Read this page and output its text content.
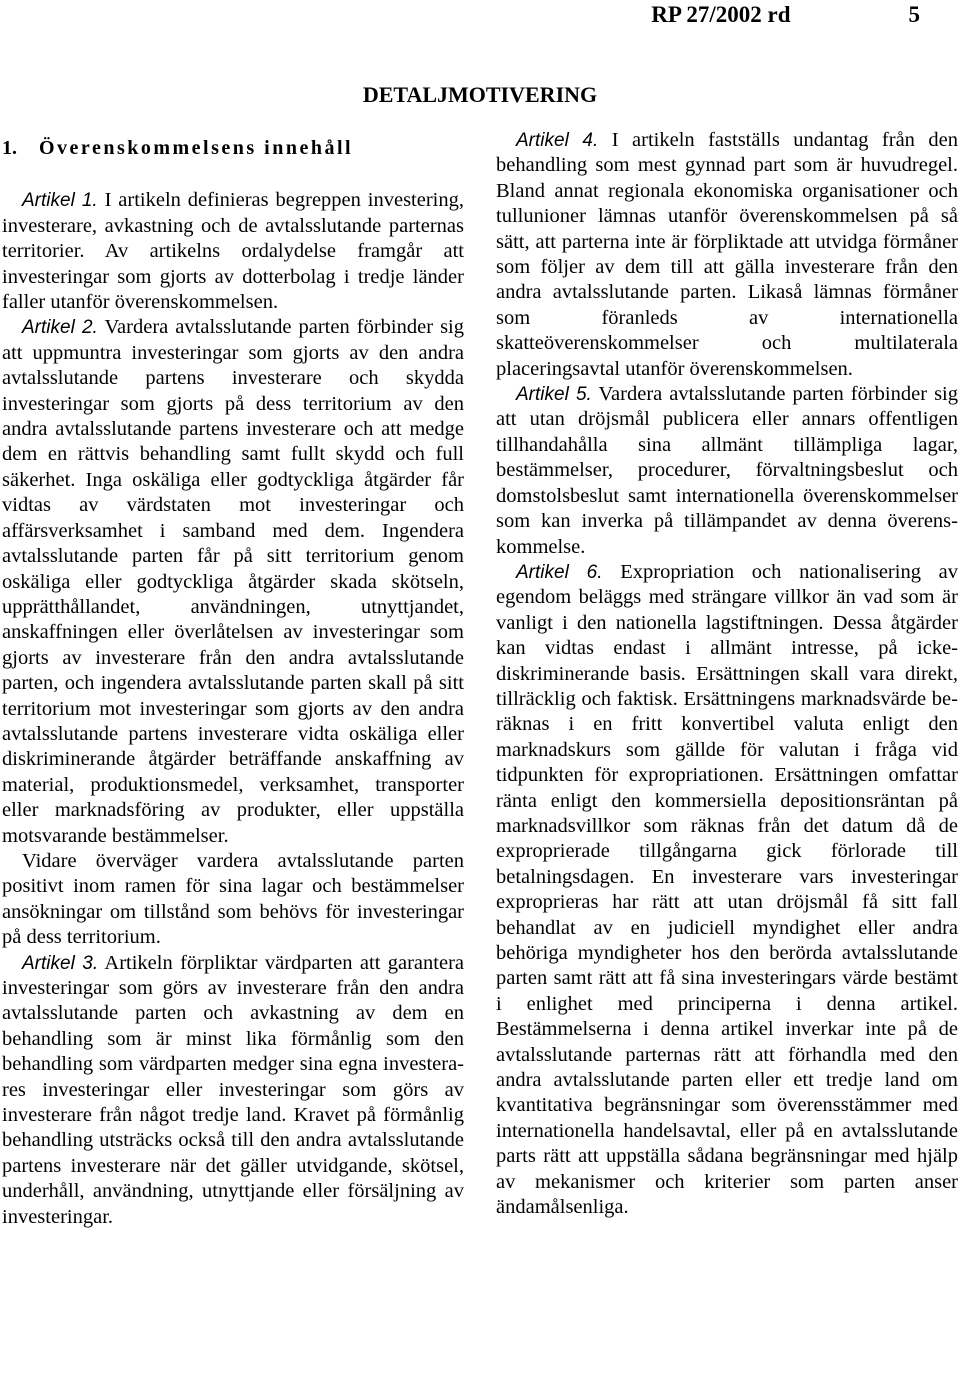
RP 27/2002 rd	5
DETALJMOTIVERING
1. Överenskommelsens innehåll

Artikel 1. I artikeln definieras begreppen investering, investerare, avkastning och de avtalsslutande parternas territorier. Av artikelns ordalydelse framgår att investeringar som gjorts av dotterbolag i tredje länder faller utanför överenskommelsen.

Artikel 2. Vardera avtalsslutande parten förbinder sig att uppmuntra investeringar som gjorts av den andra avtalsslutande partens investerare och skydda investeringar som gjorts på dess territorium av den andra avtalsslutande partens investerare och att medge dem en rättvis behandling samt fullt skydd och full säkerhet. Inga oskäliga eller godtyckliga åtgärder får vidtas av värdstaten mot investeringar och affärsverksamhet i samband med dem. Ingendera avtalsslutande parten får på sitt territorium genom oskäliga eller godtyckliga åtgärder skada skötseln, upprätthållandet, användningen, utnyttjandet, anskaffningen eller överlåtelsen av investeringar som gjorts av investerare från den andra avtalsslutande parten, och ingendera avtalsslutande parten skall på sitt territorium mot investeringar som gjorts av den andra avtalsslutande partens investerare vidta oskäliga eller diskriminerande åtgärder beträffande anskaffning av material, produktionsmedel, verksamhet, transporter eller marknadsföring av produkter, eller uppställa motsvarande bestämmelser.

Vidare överväger vardera avtalsslutande parten positivt inom ramen för sina lagar och bestämmelser ansökningar om tillstånd som behövs för investeringar på dess territorium.

Artikel 3. Artikeln förpliktar värdparten att garantera investeringar som görs av investerare från den andra avtalsslutande parten och avkastning av dem en behandling som är minst lika förmånlig som den behandling som värdparten medger sina egna investerares investeringar eller investeringar som görs av investerare från något tredje land. Kravet på förmånlig behandling utsträcks också till den andra avtalsslutande partens investerare när det gäller utvidgande, skötsel, underhåll, användning, utnyttjande eller försäljning av investeringar.

Artikel 4. I artikeln fastställs undantag från den behandling som mest gynnad part som är huvudregel. Bland annat regionala ekonomiska organisationer och tullunioner lämnas utanför överenskommelsen på så sätt, att parterna inte är förpliktade att utvidga förmåner som följer av dem till att gälla investerare från den andra avtalsslutande parten. Likaså lämnas förmåner som föranleds av internationella skatteöverenskommelser och multilaterala placeringsavtal utanför överenskommelsen.

Artikel 5. Vardera avtalsslutande parten förbinder sig att utan dröjsmål publicera eller annars offentligen tillhandahålla sina allmänt tillämpliga lagar, bestämmelser, procedurer, förvaltningsbeslut och domstolsbeslut samt internationella överenskommelser som kan inverka på tillämpandet av denna överenskommelse.

Artikel 6. Expropriation och nationalisering av egendom beläggs med strängare villkor än vad som är vanligt i den nationella lagstiftningen. Dessa åtgärder kan vidtas endast i allmänt intresse, på icke-diskriminerande basis. Ersättningen skall vara direkt, tillräcklig och faktisk. Ersättningens marknadsvärde beräknas i en fritt konvertibel valuta enligt den marknadskurs som gällde för valutan i fråga vid tidpunkten för expropriationen. Ersättningen omfattar ränta enligt den kommersiella depositionsräntan på marknadsvillkor som räknas från det datum då de exproprierade tillgångarna gick förlorade till betalningsdagen. En investerare vars investeringar exproprieras har rätt att utan dröjsmål få sitt fall behandlat av en judiciell myndighet eller andra behöriga myndigheter hos den berörda avtalsslutande parten samt rätt att få sina investeringars värde bestämt i enlighet med principerna i denna artikel. Bestämmelserna i denna artikel inverkar inte på de avtalsslutande parternas rätt att förhandla med den andra avtalsslutande parten eller ett tredje land om kvantitativa begränsningar som överensstämmer med internationella handelsavtal, eller på en avtalsslutande parts rätt att uppställa sådana begränsningar med hjälp av mekanismer och kriterier som parten anser ändamålsenliga.
